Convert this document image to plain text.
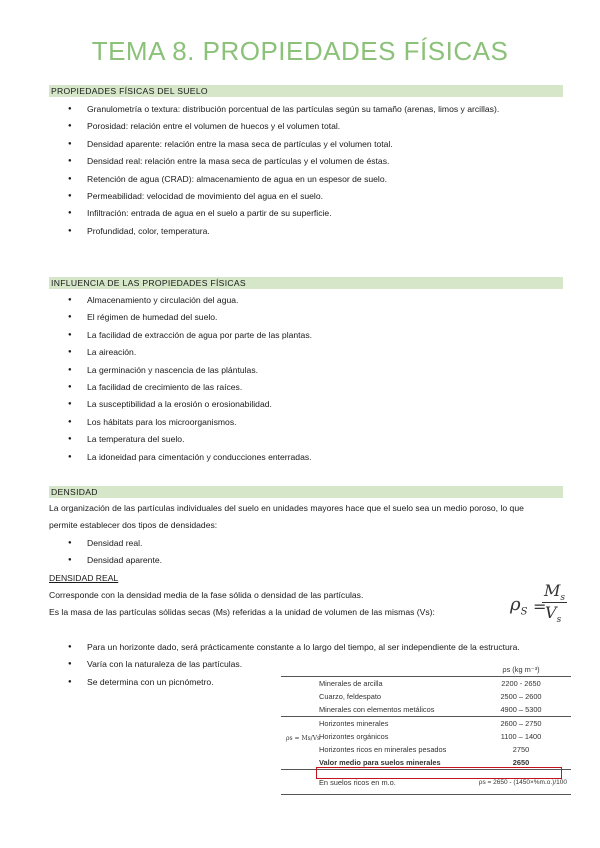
TEMA 8. PROPIEDADES FÍSICAS
PROPIEDADES FÍSICAS DEL SUELO
● Granulometría o textura: distribución porcentual de las partículas según su tamaño (arenas, limos y arcillas).
● Porosidad: relación entre el volumen de huecos y el volumen total.
● Densidad aparente: relación entre la masa seca de partículas y el volumen total.
● Densidad real: relación entre la masa seca de partículas y el volumen de éstas.
● Retención de agua (CRAD): almacenamiento de agua en un espesor de suelo.
● Permeabilidad: velocidad de movimiento del agua en el suelo.
● Infiltración: entrada de agua en el suelo a partir de su superficie.
● Profundidad, color, temperatura.
INFLUENCIA DE LAS PROPIEDADES FÍSICAS
● Almacenamiento y circulación del agua.
● El régimen de humedad del suelo.
● La facilidad de extracción de agua por parte de las plantas.
● La aireación.
● La germinación y nascencia de las plántulas.
● La facilidad de crecimiento de las raíces.
● La susceptibilidad a la erosión o erosionabilidad.
● Los hábitats para los microorganismos.
● La temperatura del suelo.
● La idoneidad para cimentación y conducciones enterradas.
DENSIDAD
La organización de las partículas individuales del suelo en unidades mayores hace que el suelo sea un medio poroso, lo que permite establecer dos tipos de densidades:
● Densidad real.
● Densidad aparente.
DENSIDAD REAL
Corresponde con la densidad media de la fase sólida o densidad de las partículas.
Es la masa de las partículas sólidas secas (Ms) referidas a la unidad de volumen de las mismas (Vs):	$\rho_S$ =
$M_s$
$V_s$
● Para un horizonte dado, será prácticamente constante a lo largo del tiempo, al ser independiente de la estructura.
● Varía con la naturaleza de las partículas.
● Se determina con un picnómetro.
ρs = Ms/Vs
	ρs (kg m⁻³)
Minerales de arcilla	2200 - 2650
Cuarzo, feldespato	2500 – 2600
Minerales con elementos metálicos	4900 – 5300
Horizontes minerales	2600 – 2750
Horizontes orgánicos	1100 – 1400
Horizontes ricos en minerales pesados	2750
Valor medio para suelos minerales	2650
En suelos ricos en m.o.	ρs = 2650 - (1450×%m.o.)/100
